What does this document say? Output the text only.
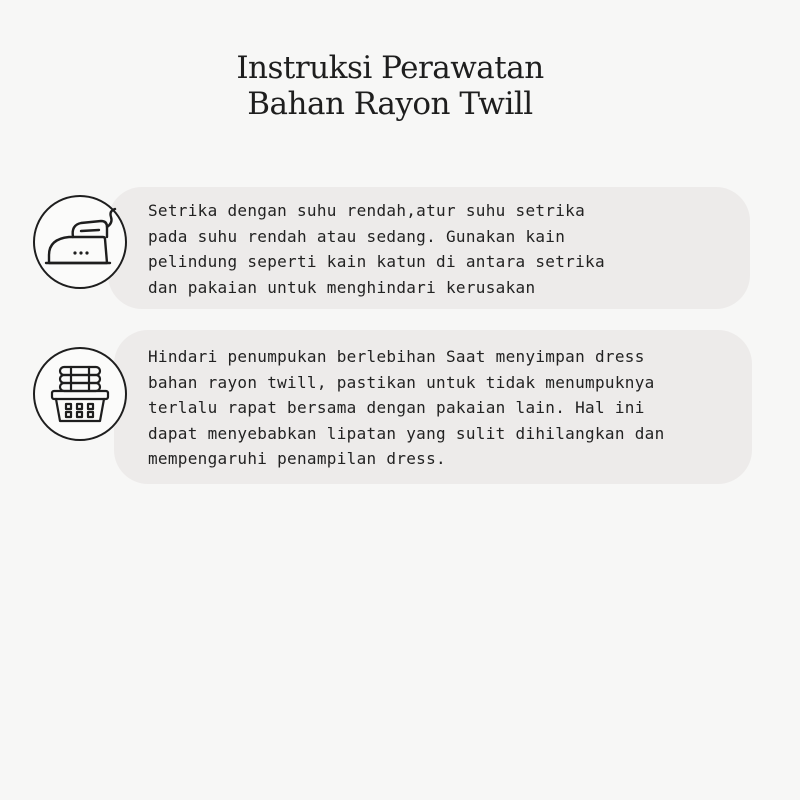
Instruksi Perawatan
Bahan Rayon Twill
Setrika dengan suhu rendah,atur suhu setrika
pada suhu rendah atau sedang. Gunakan kain
pelindung seperti kain katun di antara setrika
dan pakaian untuk menghindari kerusakan
Hindari penumpukan berlebihan Saat menyimpan dress
bahan rayon twill, pastikan untuk tidak menumpuknya
terlalu rapat bersama dengan pakaian lain. Hal ini
dapat menyebabkan lipatan yang sulit dihilangkan dan
mempengaruhi penampilan dress.
